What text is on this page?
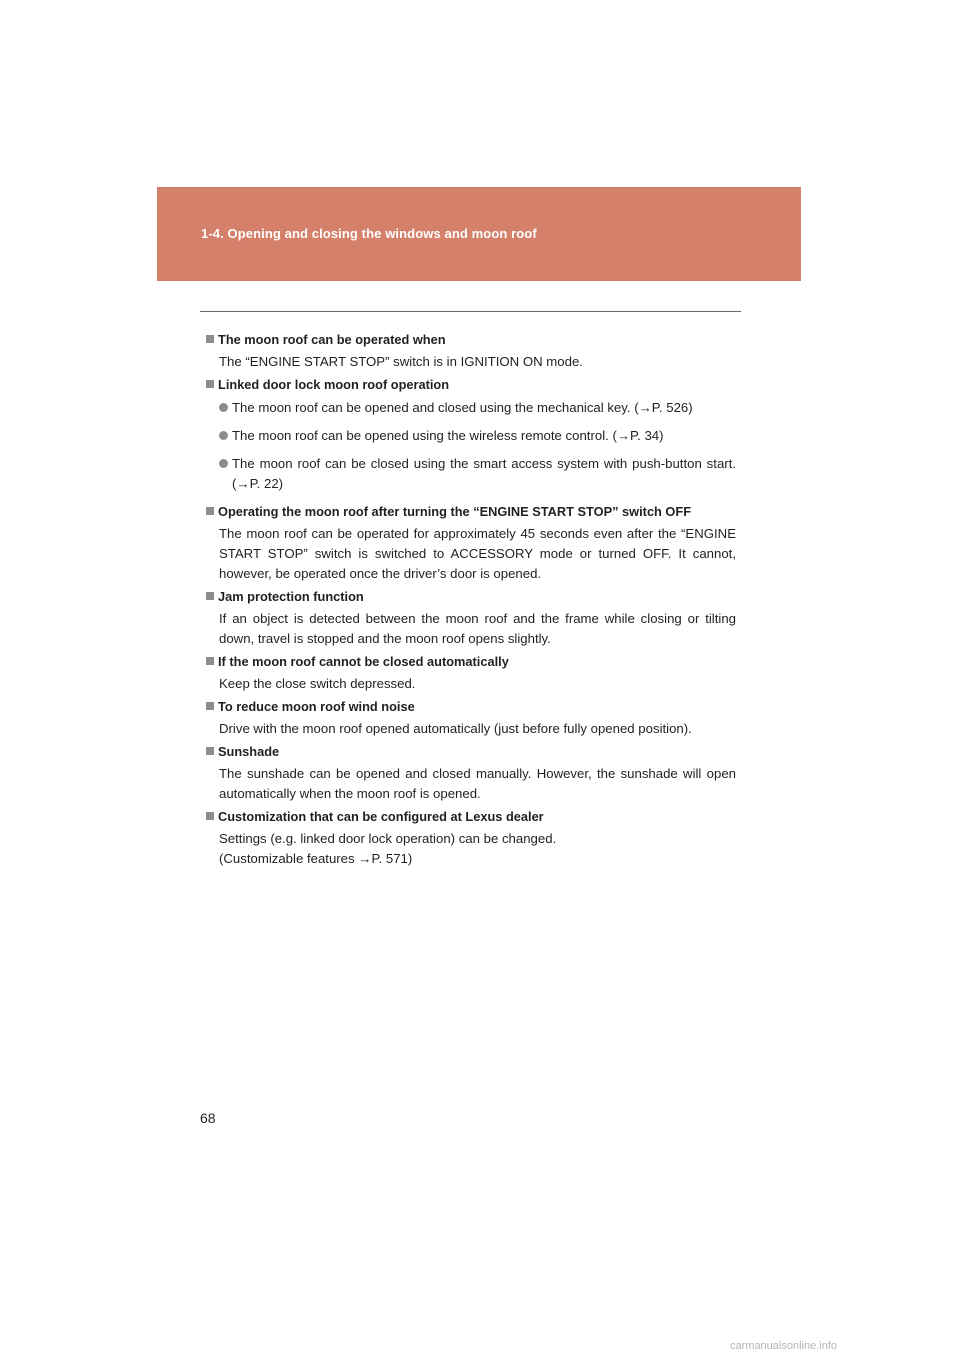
1-4. Opening and closing the windows and moon roof
The moon roof can be operated when
The “ENGINE START STOP” switch is in IGNITION ON mode.
Linked door lock moon roof operation
The moon roof can be opened and closed using the mechanical key. (→P. 526)
The moon roof can be opened using the wireless remote control. (→P. 34)
The moon roof can be closed using the smart access system with push-button start. (→P. 22)
Operating the moon roof after turning the “ENGINE START STOP” switch OFF
The moon roof can be operated for approximately 45 seconds even after the “ENGINE START STOP” switch is switched to ACCESSORY mode or turned OFF. It cannot, however, be operated once the driver’s door is opened.
Jam protection function
If an object is detected between the moon roof and the frame while closing or tilting down, travel is stopped and the moon roof opens slightly.
If the moon roof cannot be closed automatically
Keep the close switch depressed.
To reduce moon roof wind noise
Drive with the moon roof opened automatically (just before fully opened position).
Sunshade
The sunshade can be opened and closed manually. However, the sunshade will open automatically when the moon roof is opened.
Customization that can be configured at Lexus dealer
Settings (e.g. linked door lock operation) can be changed.
(Customizable features →P. 571)
68
carmanualsonline.info
